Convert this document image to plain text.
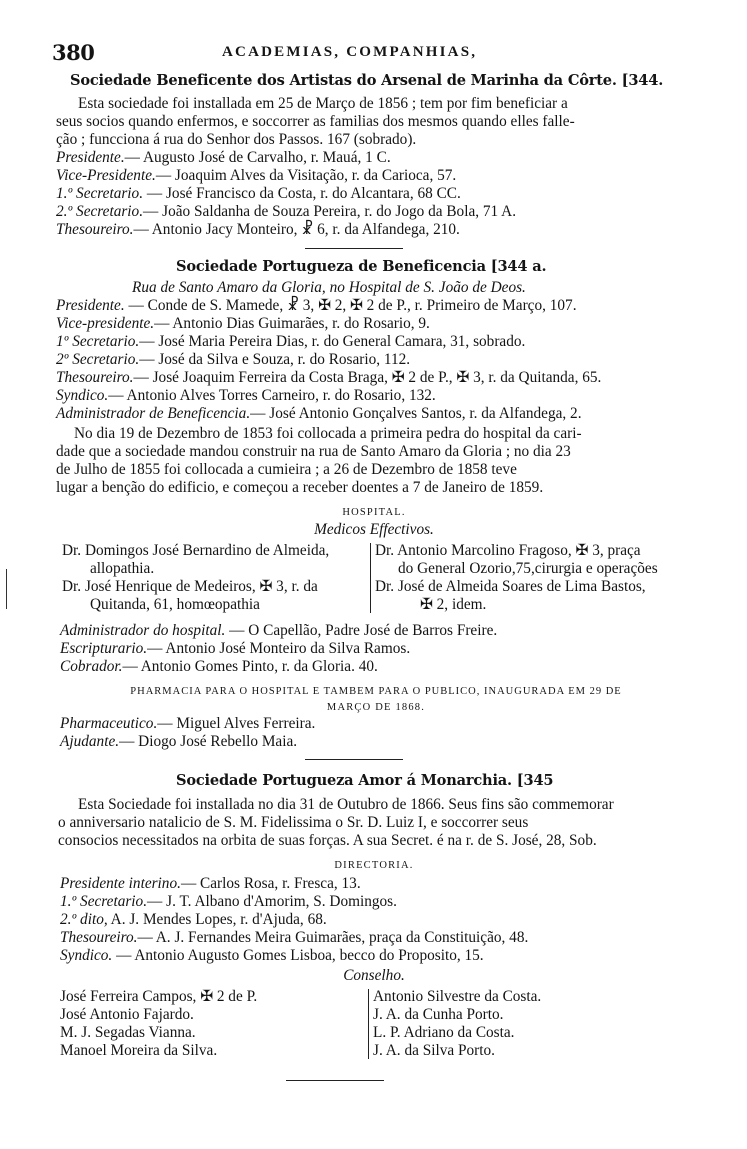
380	ACADEMIAS, COMPANHIAS,
Sociedade Beneficente dos Artistas do Arsenal de Marinha da Côrte. [344.
Esta sociedade foi installada em 25 de Março de 1856 ; tem por fim beneficiar a
seus socios quando enfermos, e soccorrer as familias dos mesmos quando elles falle-
ção ; funcciona á rua do Senhor dos Passos. 167 (sobrado).
Presidente.— Augusto José de Carvalho, r. Mauá, 1 C.
Vice-Presidente.— Joaquim Alves da Visitação, r. da Carioca, 57.
1.º Secretario. — José Francisco da Costa, r. do Alcantara, 68 CC.
2.º Secretario.— João Saldanha de Souza Pereira, r. do Jogo da Bola, 71 A.
Thesoureiro.— Antonio Jacy Monteiro, ☧ 6, r. da Alfandega, 210.
Sociedade Portugueza de Beneficencia [344 a.
Rua de Santo Amaro da Gloria, no Hospital de S. João de Deos.
Presidente. — Conde de S. Mamede, ☧ 3, ✠ 2, ✠ 2 de P., r. Primeiro de Março, 107.
Vice-presidente.— Antonio Dias Guimarães, r. do Rosario, 9.
1º Secretario.— José Maria Pereira Dias, r. do General Camara, 31, sobrado.
2º Secretario.— José da Silva e Souza, r. do Rosario, 112.
Thesoureiro.— José Joaquim Ferreira da Costa Braga, ✠ 2 de P., ✠ 3, r. da Quitanda, 65.
Syndico.— Antonio Alves Torres Carneiro, r. do Rosario, 132.
Administrador de Beneficencia.— José Antonio Gonçalves Santos, r. da Alfandega, 2.
No dia 19 de Dezembro de 1853 foi collocada a primeira pedra do hospital da cari-
dade que a sociedade mandou construir na rua de Santo Amaro da Gloria ; no dia 23
de Julho de 1855 foi collocada a cumieira ; a 26 de Dezembro de 1858 teve
lugar a benção do edificio, e começou a receber doentes a 7 de Janeiro de 1859.
HOSPITAL.
Medicos Effectivos.
Dr. Domingos José Bernardino de Almeida,
allopathia.
Dr. José Henrique de Medeiros, ✠ 3, r. da
Quitanda, 61, homœopathia
Dr. Antonio Marcolino Fragoso, ✠ 3, praça
do General Ozorio,75,cirurgia e operações
Dr. José de Almeida Soares de Lima Bastos,
✠ 2, idem.
Administrador do hospital. — O Capellão, Padre José de Barros Freire.
Escripturario.— Antonio José Monteiro da Silva Ramos.
Cobrador.— Antonio Gomes Pinto, r. da Gloria. 40.
PHARMACIA PARA O HOSPITAL E TAMBEM PARA O PUBLICO, INAUGURADA EM 29 DE
MARÇO DE 1868.
Pharmaceutico.— Miguel Alves Ferreira.
Ajudante.— Diogo José Rebello Maia.
Sociedade Portugueza Amor á Monarchia. [345
Esta Sociedade foi installada no dia 31 de Outubro de 1866. Seus fins são commemorar
o anniversario natalicio de S. M. Fidelissima o Sr. D. Luiz I, e soccorrer seus
consocios necessitados na orbita de suas forças. A sua Secret. é na r. de S. José, 28, Sob.
DIRECTORIA.
Presidente interino.— Carlos Rosa, r. Fresca, 13.
1.º Secretario.— J. T. Albano d'Amorim, S. Domingos.
2.º dito, A. J. Mendes Lopes, r. d'Ajuda, 68.
Thesoureiro.— A. J. Fernandes Meira Guimarães, praça da Constituição, 48.
Syndico. — Antonio Augusto Gomes Lisboa, becco do Proposito, 15.
Conselho.
José Ferreira Campos, ✠ 2 de P.
José Antonio Fajardo.
M. J. Segadas Vianna.
Manoel Moreira da Silva.
Antonio Silvestre da Costa.
J. A. da Cunha Porto.
L. P. Adriano da Costa.
J. A. da Silva Porto.
